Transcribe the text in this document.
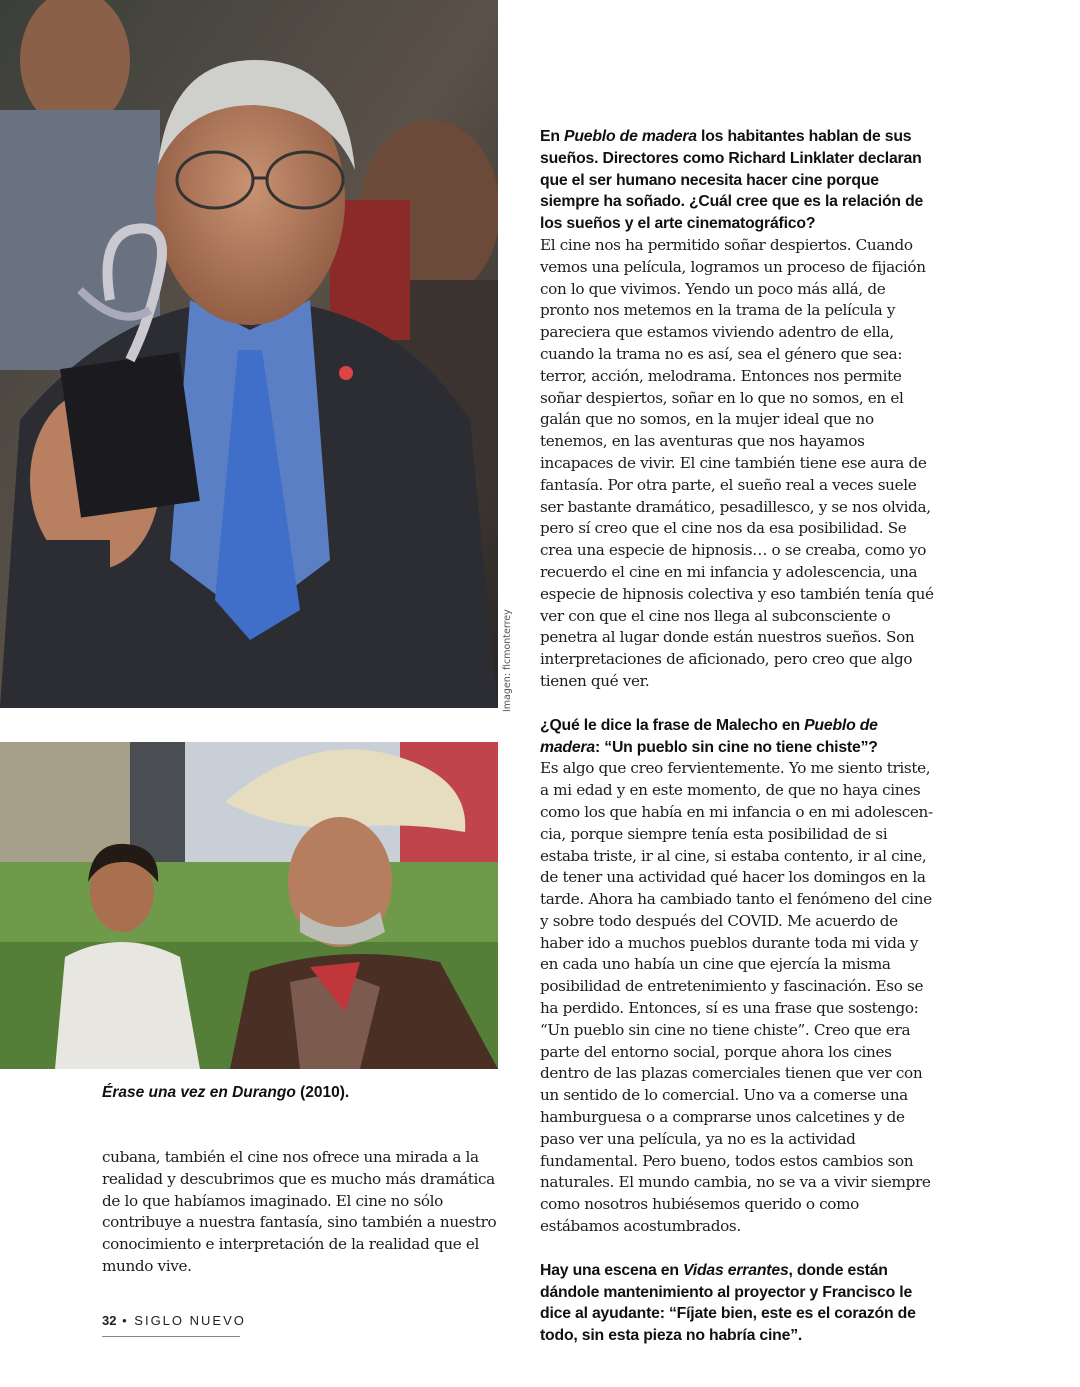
Imagen: ficmonterrey
Érase una vez en Durango (2010).

En Pueblo de madera los habitantes hablan de sus sueños. Directores como Richard Linklater declaran que el ser humano necesita hacer cine porque siempre ha soñado. ¿Cuál cree que es la relación de los sueños y el arte cinematográfico?

El cine nos ha permitido soñar despiertos. Cuando vemos una película, logramos un proceso de fijación con lo que vivimos. Yendo un poco más allá, de pronto nos metemos en la trama de la película y pareciera que estamos viviendo adentro de ella, cuando la trama no es así, sea el género que sea: terror, acción, melodrama. Entonces nos permite soñar despiertos, soñar en lo que no somos, en el galán que no somos, en la mujer ideal que no tenemos, en las aventuras que nos hayamos incapaces de vivir. El cine también tiene ese aura de fantasía. Por otra parte, el sueño real a veces suele ser bastante dramático, pesadillesco, y se nos olvida, pero sí creo que el cine nos da esa posibilidad. Se crea una especie de hipnosis… o se creaba, como yo recuerdo el cine en mi infancia y adolescencia, una especie de hipnosis colectiva y eso también tenía qué ver con que el cine nos llega al subconsciente o penetra al lugar donde están nuestros sueños. Son interpretaciones de aficionado, pero creo que algo tienen qué ver.

¿Qué le dice la frase de Malecho en Pueblo de madera: “Un pueblo sin cine no tiene chiste”?

Es algo que creo fervientemente. Yo me siento triste, a mi edad y en este momento, de que no haya cines como los que había en mi infancia o en mi adolescencia, porque siempre tenía esta posibilidad de si estaba triste, ir al cine, si estaba contento, ir al cine, de tener una actividad qué hacer los domingos en la tarde. Ahora ha cambiado tanto el fenómeno del cine y sobre todo después del COVID. Me acuerdo de haber ido a muchos pueblos durante toda mi vida y en cada uno había un cine que ejercía la misma posibilidad de entretenimiento y fascinación. Eso se ha perdido. Entonces, sí es una frase que sostengo: “Un pueblo sin cine no tiene chiste”. Creo que era parte del entorno social, porque ahora los cines dentro de las plazas comerciales tienen que ver con un sentido de lo comercial. Uno va a comerse una hamburguesa o a comprarse unos calcetines y de paso ver una película, ya no es la actividad fundamental. Pero bueno, todos estos cambios son naturales. El mundo cambia, no se va a vivir siempre como nosotros hubiésemos querido o como estábamos acostumbrados.

Hay una escena en Vidas errantes, donde están dándole mantenimiento al proyector y Francisco le dice al ayudante: “Fíjate bien, este es el corazón de todo, sin esta pieza no habría cine”.

cubana, también el cine nos ofrece una mirada a la realidad y descubrimos que es mucho más dramática de lo que habíamos imaginado. El cine no sólo contribuye a nuestra fantasía, sino también a nuestro conocimiento e interpretación de la realidad que el mundo vive.

32 • SIGLO NUEVO
